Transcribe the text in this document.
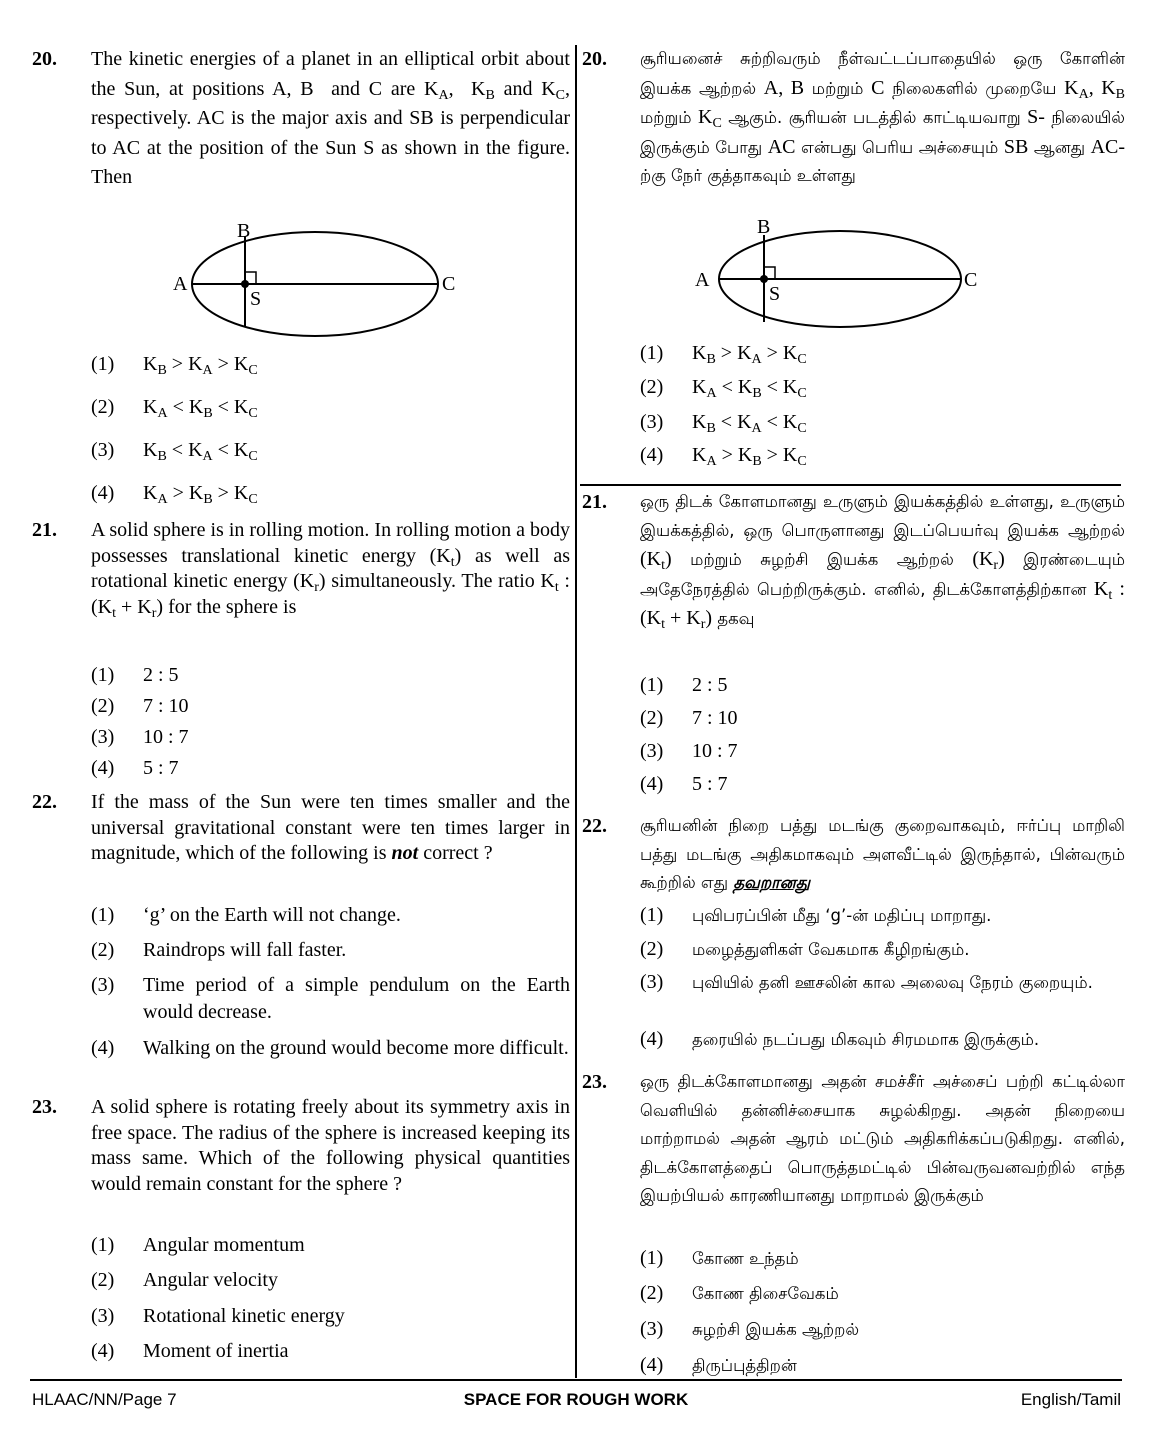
20. The kinetic energies of a planet in an elliptical orbit about the Sun, at positions A, B  and C are $K_A$,  $K_B$ and $K_C$, respectively. AC is the major axis and SB is perpendicular to AC at the position of the Sun S as shown in the figure. Then
A
B
C
S
(1) $K_B > K_A > K_C$
(2) $K_A < K_B < K_C$
(3) $K_B < K_A < K_C$
(4) $K_A > K_B > K_C$
21. A solid sphere is in rolling motion. In rolling motion a body possesses translational kinetic energy $(K_t)$ as well as rotational kinetic energy $(K_r)$ simultaneously. The ratio $K_t$ : $(K_t + K_r)$ for the sphere is
(1) 2 : 5
(2) 7 : 10
(3) 10 : 7
(4) 5 : 7
22. If the mass of the Sun were ten times smaller and the universal gravitational constant were ten times larger in magnitude, which of the following is not correct ?
(1) ‘g’ on the Earth will not change.
(2) Raindrops will fall faster.
(3) Time period of a simple pendulum on the Earth would decrease.
(4) Walking on the ground would become more difficult.
23. A solid sphere is rotating freely about its symmetry axis in free space. The radius of the sphere is increased keeping its mass same. Which of the following physical quantities would remain constant for the sphere ?
(1) Angular momentum
(2) Angular velocity
(3) Rotational kinetic energy
(4) Moment of inertia
20. சூரியனைச் சுற்றிவரும் நீள்வட்டப்பாதையில் ஒரு கோளின் இயக்க ஆற்றல் A, B மற்றும் C நிலைகளில் முறையே $K_A$, $K_B$ மற்றும் $K_C$ ஆகும். சூரியன் படத்தில் காட்டியவாறு S- நிலையில் இருக்கும் போது AC என்பது பெரிய அச்சையும் SB ஆனது AC-ற்கு நேர் குத்தாகவும் உள்ளது
A
B
C
S
(1) $K_B > K_A > K_C$
(2) $K_A < K_B < K_C$
(3) $K_B < K_A < K_C$
(4) $K_A > K_B > K_C$
21. ஒரு திடக் கோளமானது உருளும் இயக்கத்தில் உள்ளது, உருளும் இயக்கத்தில், ஒரு பொருளானது இடப்பெயர்வு இயக்க ஆற்றல் $(K_t)$ மற்றும் சுழற்சி இயக்க ஆற்றல் $(K_r)$ இரண்டையும் அதேநேரத்தில் பெற்றிருக்கும். எனில், திடக்கோளத்திற்கான $K_t$ : $(K_t + K_r)$ தகவு
(1) 2 : 5
(2) 7 : 10
(3) 10 : 7
(4) 5 : 7
22. சூரியனின் நிறை பத்து மடங்கு குறைவாகவும், ஈர்ப்பு மாறிலி பத்து மடங்கு அதிகமாகவும் அளவீட்டில் இருந்தால், பின்வரும் கூற்றில் எது தவறானது
(1) புவிபரப்பின் மீது ‘g’-ன் மதிப்பு மாறாது.
(2) மழைத்துளிகள் வேகமாக கீழிறங்கும்.
(3) புவியில் தனி ஊசலின் கால அலைவு நேரம் குறையும்.
(4) தரையில் நடப்பது மிகவும் சிரமமாக இருக்கும்.
23. ஒரு திடக்கோளமானது அதன் சமச்சீர் அச்சைப் பற்றி கட்டில்லா வெளியில் தன்னிச்சையாக சுழல்கிறது. அதன் நிறையை மாற்றாமல் அதன் ஆரம் மட்டும் அதிகரிக்கப்படுகிறது. எனில், திடக்கோளத்தைப் பொருத்தமட்டில் பின்வருவனவற்றில் எந்த இயற்பியல் காரணியானது மாறாமல் இருக்கும்
(1) கோண உந்தம்
(2) கோண திசைவேகம்
(3) சுழற்சி இயக்க ஆற்றல்
(4) திருப்புத்திறன்
HLAAC/NN/Page 7	SPACE FOR ROUGH WORK	English/Tamil
